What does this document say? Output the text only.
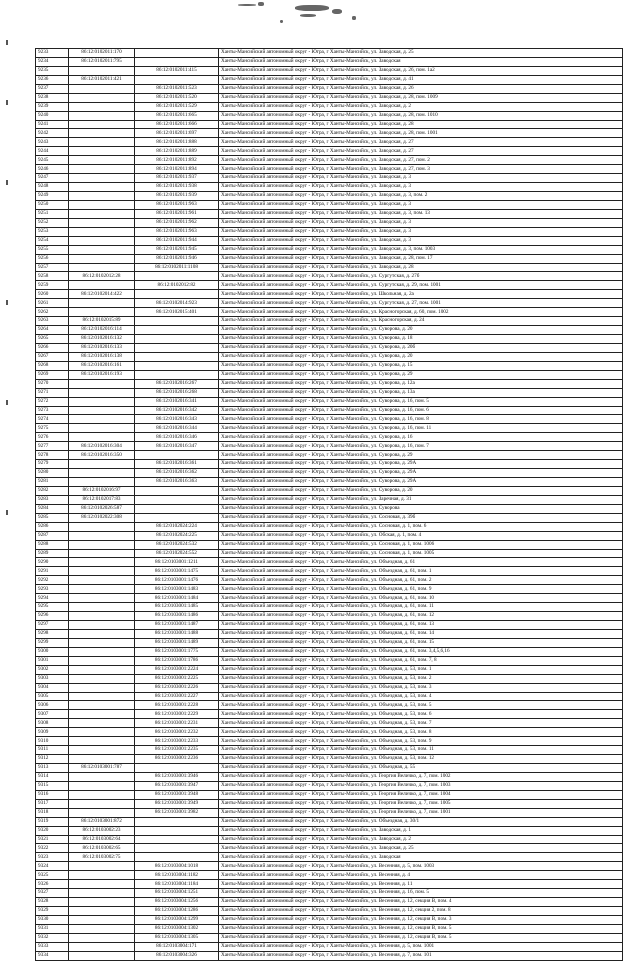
9233	86:12:0102011:170		Ханты-Мансийский автономный округ - Югра, г Ханты-Мансийск, ул. Заводская, д. 25
9234	86:12:0102011:795		Ханты-Мансийский автономный округ - Югра, г Ханты-Мансийск, ул. Заводская
9235		86:12:0102011:415	Ханты-Мансийский автономный округ - Югра, г Ханты-Мансийск, ул. Заводская, д. 26, пом. 1а2
9236	86:12:0102011:421		Ханты-Мансийский автономный округ - Югра, г Ханты-Мансийск, ул. Заводская, д. 41
9237		86:12:0102011:523	Ханты-Мансийский автономный округ - Югра, г Ханты-Мансийск, ул. Заводская, д. 26
9238		86:12:0102011:520	Ханты-Мансийский автономный округ - Югра, г Ханты-Мансийск, ул. Заводская, д. 28, пом. 1009
9239		86:12:0102011:529	Ханты-Мансийский автономный округ - Югра, г Ханты-Мансийск, ул. Заводская, д. 2
9240		86:12:0102011:665	Ханты-Мансийский автономный округ - Югра, г Ханты-Мансийск, ул. Заводская, д. 28, пом. 1010
9241		86:12:0102011:666	Ханты-Мансийский автономный округ - Югра, г Ханты-Мансийск, ул. Заводская, д. 28
9242		86:12:0102011:697	Ханты-Мансийский автономный округ - Югра, г Ханты-Мансийск, ул. Заводская, д. 28, пом. 1001
9243		86:12:0102011:888	Ханты-Мансийский автономный округ - Югра, г Ханты-Мансийск, ул. Заводская, д. 27
9244		86:12:0102011:889	Ханты-Мансийский автономный округ - Югра, г Ханты-Мансийск, ул. Заводская, д. 27
9245		86:12:0102011:892	Ханты-Мансийский автономный округ - Югра, г Ханты-Мансийск, ул. Заводская, д. 27, пом. 2
9246		86:12:0102011:894	Ханты-Мансийский автономный округ - Югра, г Ханты-Мансийск, ул. Заводская, д. 27, пом. 3
9247		86:12:0102011:937	Ханты-Мансийский автономный округ - Югра, г Ханты-Мансийск, ул. Заводская, д. 3
9248		86:12:0102011:938	Ханты-Мансийский автономный округ - Югра, г Ханты-Мансийск, ул. Заводская, д. 3
9249		86:12:0102011:939	Ханты-Мансийский автономный округ - Югра, г Ханты-Мансийск, ул. Заводская, д. 3, пом. 2
9250		86:12:0102011:963	Ханты-Мансийский автономный округ - Югра, г Ханты-Мансийск, ул. Заводская, д. 3
9251		86:12:0102011:961	Ханты-Мансийский автономный округ - Югра, г Ханты-Мансийск, ул. Заводская, д. 3, пом. 13
9252		86:12:0102011:962	Ханты-Мансийский автономный округ - Югра, г Ханты-Мансийск, ул. Заводская, д. 3
9253		86:12:0102011:963	Ханты-Мансийский автономный округ - Югра, г Ханты-Мансийск, ул. Заводская, д. 3
9254		86:12:0102011:944	Ханты-Мансийский автономный округ - Югра, г Ханты-Мансийск, ул. Заводская, д. 3
9255		86:12:0102011:945	Ханты-Мансийский автономный округ - Югра, г Ханты-Мансийск, ул. Заводская, д. 3, пом. 1003
9256		86:12:0102011:946	Ханты-Мансийский автономный округ - Югра, г Ханты-Мансийск, ул. Заводская, д. 28, пом. 17
9257		86:12:0102011:1108	Ханты-Мансийский автономный округ - Югра, г Ханты-Мансийск, ул. Заводская, д. 28
9258	86:12:0102012:28		Ханты-Мансийский автономный округ - Югра, г Ханты-Мансийск, ул. Сургутская, д. 27б
9259		86:12:0102012:82	Ханты-Мансийский автономный округ - Югра, г Ханты-Мансийск, ул. Сургутская, д. 29, пом. 1001
9260	86:12:0102014:422		Ханты-Мансийский автономный округ - Югра, г Ханты-Мансийск, ул. Школьная, д. 2а
9261		86:12:0102014:923	Ханты-Мансийский автономный округ - Югра, г Ханты-Мансийск, ул. Сургутская, д. 27, пом. 1001
9262		86:12:0102015:401	Ханты-Мансийский автономный округ - Югра, г Ханты-Мансийск, ул. Красногорская, д. 60, пом. 1002
9263	86:12:0102015:89		Ханты-Мансийский автономный округ - Югра, г Ханты-Мансийск, ул. Красногорская, д. 24
9264	86:12:0102016:114		Ханты-Мансийский автономный округ - Югра, г Ханты-Мансийск, ул. Суворова, д. 20
9265	86:12:0102016:132		Ханты-Мансийский автономный округ - Югра, г Ханты-Мансийск, ул. Суворова, д. 18
9266	86:12:0102016:133		Ханты-Мансийский автономный округ - Югра, г Ханты-Мансийск, ул. Суворова, д. 20б
9267	86:12:0102016:138		Ханты-Мансийский автономный округ - Югра, г Ханты-Мансийск, ул. Суворова, д. 20
9268	86:12:0102016:161		Ханты-Мансийский автономный округ - Югра, г Ханты-Мансийск, ул. Суворова, д. 15
9269	86:12:0102016:193		Ханты-Мансийский автономный округ - Югра, г Ханты-Мансийск, ул. Суворова, д. 29
9270		86:12:0102016:267	Ханты-Мансийский автономный округ - Югра, г Ханты-Мансийск, ул. Суворова, д. 12а
9271		86:12:0102016:268	Ханты-Мансийский автономный округ - Югра, г Ханты-Мансийск, ул. Суворова, д. 13а
9272		86:12:0102016:341	Ханты-Мансийский автономный округ - Югра, г Ханты-Мансийск, ул. Суворова, д. 16, пом. 5
9273		86:12:0102016:342	Ханты-Мансийский автономный округ - Югра, г Ханты-Мансийск, ул. Суворова, д. 16, пом. 6
9274		86:12:0102016:343	Ханты-Мансийский автономный округ - Югра, г Ханты-Мансийск, ул. Суворова, д. 16, пом. 8
9275		86:12:0102016:344	Ханты-Мансийский автономный округ - Югра, г Ханты-Мансийск, ул. Суворова, д. 16, пом. 11
9276		86:12:0102016:346	Ханты-Мансийский автономный округ - Югра, г Ханты-Мансийск, ул. Суворова, д. 16
9277	86:12:0102016:304	86:12:0102016:347	Ханты-Мансийский автономный округ - Югра, г Ханты-Мансийск, ул. Суворова, д. 16, пом. 7
9278	86:12:0102016:350		Ханты-Мансийский автономный округ - Югра, г Ханты-Мансийск, ул. Суворова, д. 29
9279		86:12:0102016:361	Ханты-Мансийский автономный округ - Югра, г Ханты-Мансийск, ул. Суворова, д. 29А
9280		86:12:0102016:362	Ханты-Мансийский автономный округ - Югра, г Ханты-Мансийск, ул. Суворова, д. 29А
9281		86:12:0102016:363	Ханты-Мансийский автономный округ - Югра, г Ханты-Мансийск, ул. Суворова, д. 29А
9282	86:12:0102016:97		Ханты-Мансийский автономный округ - Югра, г Ханты-Мансийск, ул. Суворова, д. 20
9283	86:12:0102017:83		Ханты-Мансийский автономный округ - Югра, г Ханты-Мансийск, ул. Заречная, д. 31
9284	86:12:0102026:587		Ханты-Мансийский автономный округ - Югра, г Ханты-Мансийск, ул. Суворова
9285	86:12:0102022:308		Ханты-Мансийский автономный округ - Югра, г Ханты-Мансийск, ул. Сосновая, д. 39б
9286		86:12:0102024:224	Ханты-Мансийский автономный округ - Югра, г Ханты-Мансийск, ул. Сосновая, д. 1, пом. 6
9287		86:12:0102024:225	Ханты-Мансийский автономный округ - Югра, г Ханты-Мансийск, ул. Обская, д. 1, пом. 4
9288		86:12:0102024:532	Ханты-Мансийский автономный округ - Югра, г Ханты-Мансийск, ул. Сосновая, д. 1, пом. 1006
9289		86:12:0102024:552	Ханты-Мансийский автономный округ - Югра, г Ханты-Мансийск, ул. Сосновая, д. 1, пом. 1005
9290		86:12:0103001:1211	Ханты-Мансийский автономный округ - Югра, г Ханты-Мансийск, ул. Объездная, д. 61
9291		86:12:0103001:1475	Ханты-Мансийский автономный округ - Югра, г Ханты-Мансийск, ул. Объездная, д. 61, пом. 1
9292		86:12:0103001:1476	Ханты-Мансийский автономный округ - Югра, г Ханты-Мансийск, ул. Объездная, д. 61, пом. 2
9293		86:12:0103001:1483	Ханты-Мансийский автономный округ - Югра, г Ханты-Мансийск, ул. Объездная, д. 61, пом. 9
9294		86:12:0103001:1484	Ханты-Мансийский автономный округ - Югра, г Ханты-Мансийск, ул. Объездная, д. 61, пом. 10
9295		86:12:0103001:1485	Ханты-Мансийский автономный округ - Югра, г Ханты-Мансийск, ул. Объездная, д. 61, пом. 11
9296		86:12:0103001:1486	Ханты-Мансийский автономный округ - Югра, г Ханты-Мансийск, ул. Объездная, д. 61, пом. 12
9297		86:12:0103001:1487	Ханты-Мансийский автономный округ - Югра, г Ханты-Мансийск, ул. Объездная, д. 61, пом. 13
9298		86:12:0103001:1488	Ханты-Мансийский автономный округ - Югра, г Ханты-Мансийск, ул. Объездная, д. 61, пом. 14
9299		86:12:0103001:1489	Ханты-Мансийский автономный округ - Югра, г Ханты-Мансийск, ул. Объездная, д. 61, пом. 15
9300		86:12:0103001:1775	Ханты-Мансийский автономный округ - Югра, г Ханты-Мансийск, ул. Объездная, д. 61, пом. 3,4,5,6,16
9301		86:12:0103001:1786	Ханты-Мансийский автономный округ - Югра, г Ханты-Мансийск, ул. Объездная, д. 61, пом. 7, 8
9302		86:12:0103001:2224	Ханты-Мансийский автономный округ - Югра, г Ханты-Мансийск, ул. Объездная, д. 53, пом. 1
9303		86:12:0103001:2225	Ханты-Мансийский автономный округ - Югра, г Ханты-Мансийск, ул. Объездная, д. 53, пом. 2
9304		86:12:0103001:2226	Ханты-Мансийский автономный округ - Югра, г Ханты-Мансийск, ул. Объездная, д. 53, пом. 3
9305		86:12:0103001:2227	Ханты-Мансийский автономный округ - Югра, г Ханты-Мансийск, ул. Объездная, д. 53, пом. 4
9306		86:12:0103001:2228	Ханты-Мансийский автономный округ - Югра, г Ханты-Мансийск, ул. Объездная, д. 53, пом. 5
9307		86:12:0103001:2229	Ханты-Мансийский автономный округ - Югра, г Ханты-Мансийск, ул. Объездная, д. 53, пом. 6
9308		86:12:0103001:2231	Ханты-Мансийский автономный округ - Югра, г Ханты-Мансийск, ул. Объездная, д. 53, пом. 7
9309		86:12:0103001:2232	Ханты-Мансийский автономный округ - Югра, г Ханты-Мансийск, ул. Объездная, д. 53, пом. 8
9310		86:12:0103001:2233	Ханты-Мансийский автономный округ - Югра, г Ханты-Мансийск, ул. Объездная, д. 53, пом. 9
9311		86:12:0103001:2235	Ханты-Мансийский автономный округ - Югра, г Ханты-Мансийск, ул. Объездная, д. 53, пом. 11
9312		86:12:0103001:2236	Ханты-Мансийский автономный округ - Югра, г Ханты-Мансийск, ул. Объездная, д. 53, пом. 12
9313	86:12:0103001:787		Ханты-Мансийский автономный округ - Югра, г Ханты-Мансийск, ул. Объездная, д. 55
9314		86:12:0103001:3946	Ханты-Мансийский автономный округ - Югра, г Ханты-Мансийск, ул. Георгия Величко, д. 7, пом. 1002
9315		86:12:0103001:3947	Ханты-Мансийский автономный округ - Югра, г Ханты-Мансийск, ул. Георгия Величко, д. 7, пом. 1003
9316		86:12:0103001:3948	Ханты-Мансийский автономный округ - Югра, г Ханты-Мансийск, ул. Георгия Величко, д. 7, пом. 1004
9317		86:12:0103001:3949	Ханты-Мансийский автономный округ - Югра, г Ханты-Мансийск, ул. Георгия Величко, д. 7, пом. 1005
9318		86:12:0103001:3982	Ханты-Мансийский автономный округ - Югра, г Ханты-Мансийск, ул. Георгия Величко, д. 7, пом. 1001
9319	86:12:0103001:872		Ханты-Мансийский автономный округ - Югра, г Ханты-Мансийск, ул. Объездная, д. 30/1
9320	86:12:0103002:23		Ханты-Мансийский автономный округ - Югра, г Ханты-Мансийск, ул. Заводская, д. 1
9321	86:12:0103002:64		Ханты-Мансийский автономный округ - Югра, г Ханты-Мансийск, ул. Заводская, д. 2
9322	86:12:0103002:65		Ханты-Мансийский автономный округ - Югра, г Ханты-Мансийск, ул. Заводская, д. 25
9323	86:12:0103002:75		Ханты-Мансийский автономный округ - Югра, г Ханты-Мансийск, ул. Заводская
9324		86:12:0103004:1018	Ханты-Мансийский автономный округ - Югра, г Ханты-Мансийск, ул. Весенняя, д. 5, пом. 1003
9325		86:12:0103004:1182	Ханты-Мансийский автономный округ - Югра, г Ханты-Мансийск, ул. Весенняя, д. 4
9326		86:12:0103004:1184	Ханты-Мансийский автономный округ - Югра, г Ханты-Мансийск, ул. Весенняя, д. 11
9327		86:12:0103004:1251	Ханты-Мансийский автономный округ - Югра, г Ханты-Мансийск, ул. Весенняя, д. 16, пом. 5
9328		86:12:0103004:1256	Ханты-Мансийский автономный округ - Югра, г Ханты-Мансийск, ул. Весенняя, д. 12, секция В, пом. 4
9329		86:12:0103004:1286	Ханты-Мансийский автономный округ - Югра, г Ханты-Мансийск, ул. Весенняя, д. 12, секция 2, пом. 8
9330		86:12:0103004:1299	Ханты-Мансийский автономный округ - Югра, г Ханты-Мансийск, ул. Весенняя, д. 12, секция В, пом. 3
9331		86:12:0103004:1302	Ханты-Мансийский автономный округ - Югра, г Ханты-Мансийск, ул. Весенняя, д. 12, секция В, пом. 5
9332		86:12:0103004:1305	Ханты-Мансийский автономный округ - Югра, г Ханты-Мансийск, ул. Весенняя, д. 12, секция В, пом. 5
9333		86:12:0103004:171	Ханты-Мансийский автономный округ - Югра, г Ханты-Мансийск, ул. Весенняя, д. 5, пом. 1001
9334		86:12:0103004:326	Ханты-Мансийский автономный округ - Югра, г Ханты-Мансийск, ул. Весенняя, д. 7, пом. 101
